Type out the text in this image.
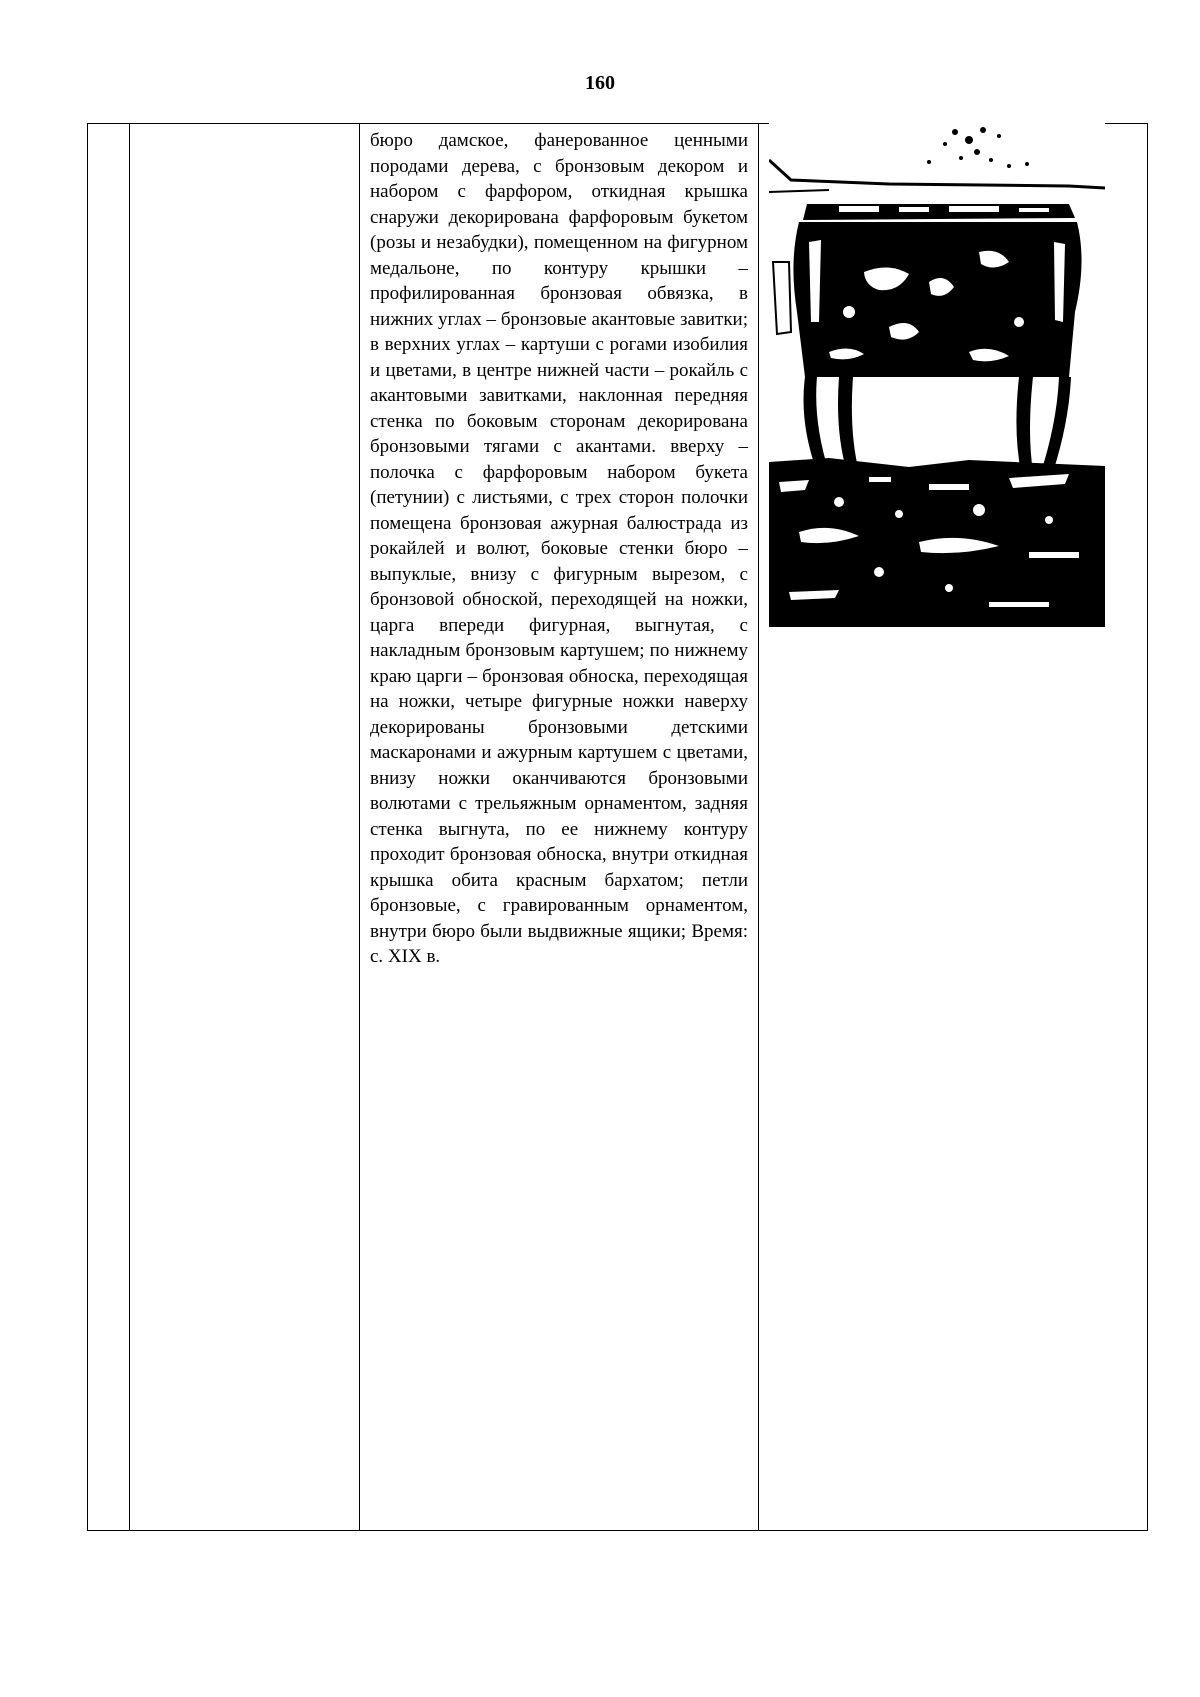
160

бюро дамское, фанерованное ценными породами дерева, с бронзовым декором и набором с фарфором, откидная крышка снаружи декорирована фарфоровым букетом (розы и незабудки), помещенном на фигурном медальоне, по контуру крышки – профилированная бронзовая обвязка, в нижних углах – бронзовые акантовые завитки; в верхних углах – картуши с рогами изобилия и цветами, в центре нижней части – рокайль с акантовыми завитками, наклонная передняя стенка по боковым сторонам декорирована бронзовыми тягами с акантами. вверху – полочка с фарфоровым набором букета (петунии) с листьями, с трех сторон полочки помещена бронзовая ажурная балюстрада из рокайлей и волют, боковые стенки бюро – выпуклые, внизу с фигурным вырезом, с бронзовой обноской, переходящей на ножки, царга впереди фигурная, выгнутая, с накладным бронзовым картушем; по нижнему краю царги – бронзовая обноска, переходящая на ножки, четыре фигурные ножки наверху декорированы бронзовыми детскими маскаронами и ажурным картушем с цветами, внизу ножки оканчиваются бронзовыми волютами с трельяжным орнаментом, задняя стенка выгнута, по ее нижнему контуру проходит бронзовая обноска, внутри откидная крышка обита красным бархатом; петли бронзовые, с гравированным орнаментом, внутри бюро были выдвижные ящики; Время: с. XIX в.
